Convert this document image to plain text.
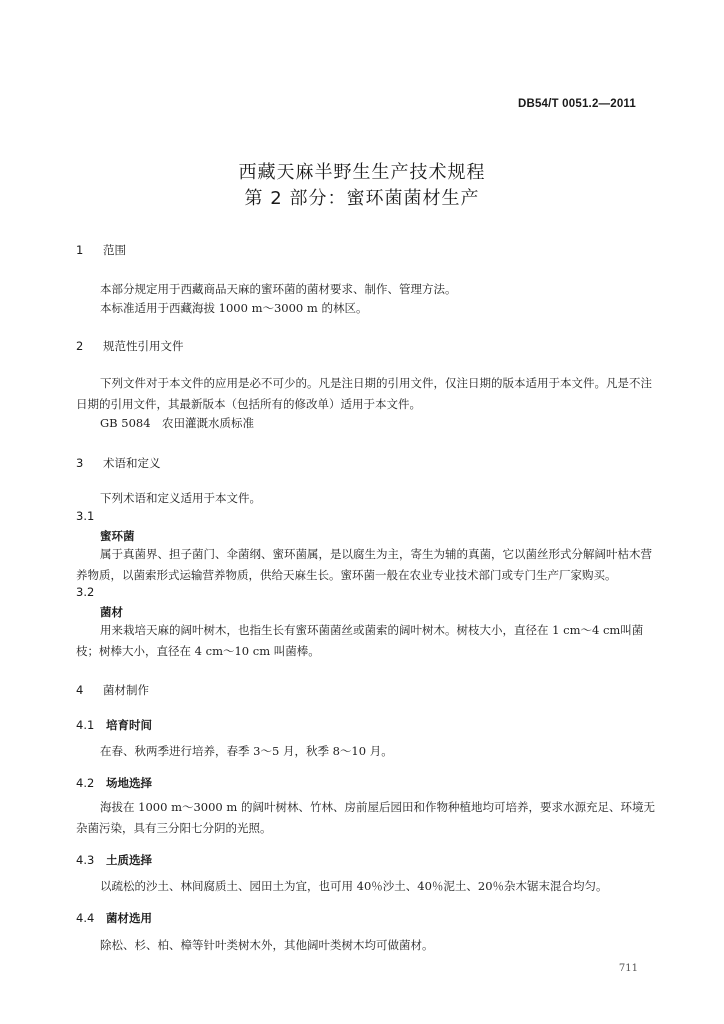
DB54/T 0051.2—2011
西藏天麻半野生生产技术规程
第 2 部分：蜜环菌菌材生产
1 范围
本部分规定用于西藏商品天麻的蜜环菌的菌材要求、制作、管理方法。
本标准适用于西藏海拔 1000 m～3000 m 的林区。
2 规范性引用文件
下列文件对于本文件的应用是必不可少的。凡是注日期的引用文件，仅注日期的版本适用于本文件。凡是不注日期的引用文件，其最新版本（包括所有的修改单）适用于本文件。
GB 5084　农田灌溉水质标准
3 术语和定义
下列术语和定义适用于本文件。
3.1
蜜环菌
属于真菌界、担子菌门、伞菌纲、蜜环菌属，是以腐生为主，寄生为辅的真菌，它以菌丝形式分解阔叶枯木营养物质，以菌索形式运输营养物质，供给天麻生长。蜜环菌一般在农业专业技术部门或专门生产厂家购买。
3.2
菌材
用来栽培天麻的阔叶树木，也指生长有蜜环菌菌丝或菌索的阔叶树木。树枝大小，直径在 1 cm～4 cm叫菌枝；树棒大小，直径在 4 cm～10 cm 叫菌棒。
4 菌材制作
4.1 培育时间
在春、秋两季进行培养，春季 3～5 月，秋季 8～10 月。
4.2 场地选择
海拔在 1000 m～3000 m 的阔叶树林、竹林、房前屋后园田和作物种植地均可培养，要求水源充足、环境无杂菌污染，具有三分阳七分阴的光照。
4.3 土质选择
以疏松的沙土、林间腐质土、园田土为宜，也可用 40％沙土、40％泥土、20％杂木锯末混合均匀。
4.4 菌材选用
除松、杉、柏、樟等针叶类树木外，其他阔叶类树木均可做菌材。
711
